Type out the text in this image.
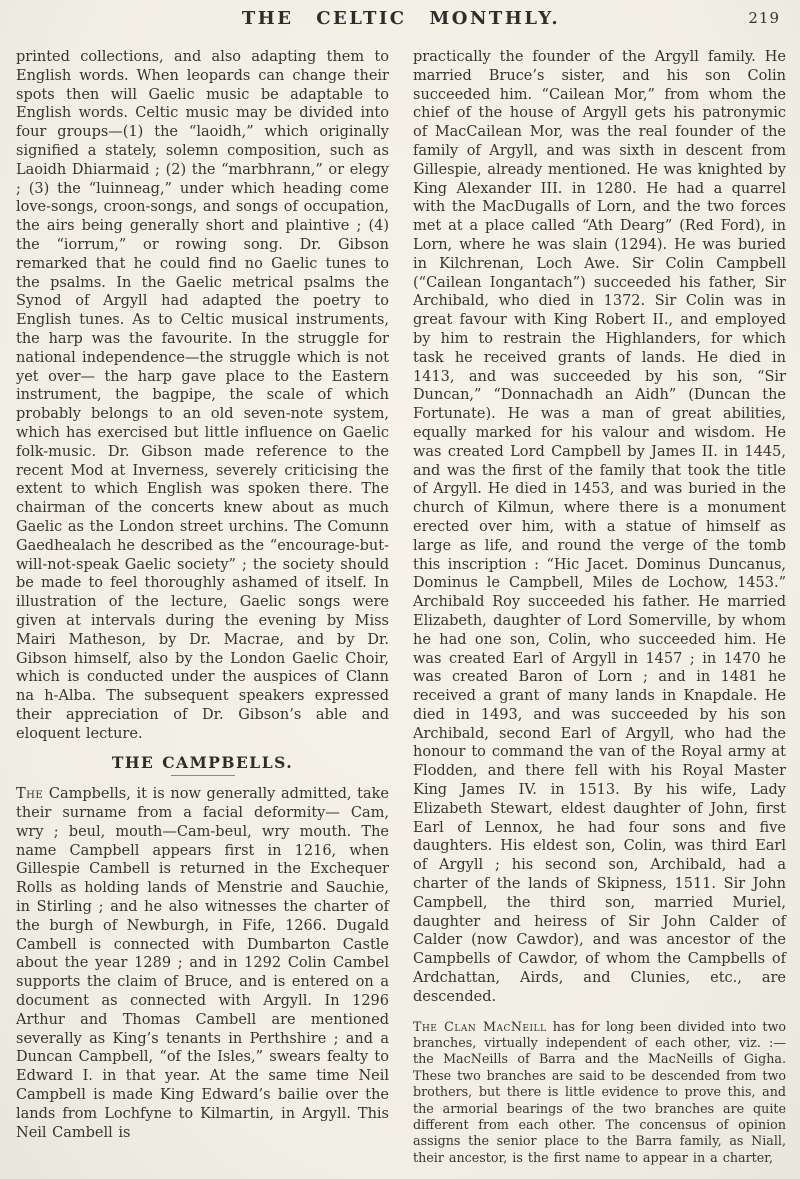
THE CELTIC MONTHLY.	219

printed collections, and also adapting them to English words. When leopards can change their spots then will Gaelic music be adaptable to English words. Celtic music may be divided into four groups—(1) the “laoidh,” which originally signified a stately, solemn composition, such as Laoidh Dhiarmaid ; (2) the “marbhrann,” or elegy ; (3) the “luinneag,” under which heading come love-songs, croon-songs, and songs of occupation, the airs being generally short and plaintive ; (4) the “iorrum,” or rowing song. Dr. Gibson remarked that he could find no Gaelic tunes to the psalms. In the Gaelic metrical psalms the Synod of Argyll had adapted the poetry to English tunes. As to Celtic musical instruments, the harp was the favourite. In the struggle for national independence—the struggle which is not yet over— the harp gave place to the Eastern instrument, the bagpipe, the scale of which probably belongs to an old seven-note system, which has exercised but little influence on Gaelic folk-music. Dr. Gibson made reference to the recent Mod at Inverness, severely criticising the extent to which English was spoken there. The chairman of the concerts knew about as much Gaelic as the London street urchins. The Comunn Gaedhealach he described as the “encourage-but-will-not-speak Gaelic society” ; the society should be made to feel thoroughly ashamed of itself. In illustration of the lecture, Gaelic songs were given at intervals during the evening by Miss Mairi Matheson, by Dr. Macrae, and by Dr. Gibson himself, also by the London Gaelic Choir, which is conducted under the auspices of Clann na h-Alba. The subsequent speakers expressed their appreciation of Dr. Gibson’s able and eloquent lecture.

THE CAMPBELLS.

The Campbells, it is now generally admitted, take their surname from a facial deformity— Cam, wry ; beul, mouth—Cam-beul, wry mouth. The name Campbell appears first in 1216, when Gillespie Cambell is returned in the Exchequer Rolls as holding lands of Menstrie and Sauchie, in Stirling ; and he also witnesses the charter of the burgh of Newburgh, in Fife, 1266. Dugald Cambell is connected with Dumbarton Castle about the year 1289 ; and in 1292 Colin Cambel supports the claim of Bruce, and is entered on a document as connected with Argyll. In 1296 Arthur and Thomas Cambell are mentioned severally as King’s tenants in Perthshire ; and a Duncan Campbell, “of the Isles,” swears fealty to Edward I. in that year. At the same time Neil Campbell is made King Edward’s bailie over the lands from Lochfyne to Kilmartin, in Argyll. This Neil Cambell is

practically the founder of the Argyll family. He married Bruce’s sister, and his son Colin succeeded him. “Cailean Mor,” from whom the chief of the house of Argyll gets his patronymic of MacCailean Mor, was the real founder of the family of Argyll, and was sixth in descent from Gillespie, already mentioned. He was knighted by King Alexander III. in 1280. He had a quarrel with the MacDugalls of Lorn, and the two forces met at a place called “Ath Dearg” (Red Ford), in Lorn, where he was slain (1294). He was buried in Kilchrenan, Loch Awe. Sir Colin Campbell (“Cailean Iongantach”) succeeded his father, Sir Archibald, who died in 1372. Sir Colin was in great favour with King Robert II., and employed by him to restrain the Highlanders, for which task he received grants of lands. He died in 1413, and was succeeded by his son, “Sir Duncan,” “Donnachadh an Aidh” (Duncan the Fortunate). He was a man of great abilities, equally marked for his valour and wisdom. He was created Lord Campbell by James II. in 1445, and was the first of the family that took the title of Argyll. He died in 1453, and was buried in the church of Kilmun, where there is a monument erected over him, with a statue of himself as large as life, and round the verge of the tomb this inscription : “Hic Jacet. Dominus Duncanus, Dominus le Campbell, Miles de Lochow, 1453.” Archibald Roy succeeded his father. He married Elizabeth, daughter of Lord Somerville, by whom he had one son, Colin, who succeeded him. He was created Earl of Argyll in 1457 ; in 1470 he was created Baron of Lorn ; and in 1481 he received a grant of many lands in Knapdale. He died in 1493, and was succeeded by his son Archibald, second Earl of Argyll, who had the honour to command the van of the Royal army at Flodden, and there fell with his Royal Master King James IV. in 1513. By his wife, Lady Elizabeth Stewart, eldest daughter of John, first Earl of Lennox, he had four sons and five daughters. His eldest son, Colin, was third Earl of Argyll ; his second son, Archibald, had a charter of the lands of Skipness, 1511. Sir John Campbell, the third son, married Muriel, daughter and heiress of Sir John Calder of Calder (now Cawdor), and was ancestor of the Campbells of Cawdor, of whom the Campbells of Ardchattan, Airds, and Clunies, etc., are descended.

The Clan MacNeill has for long been divided into two branches, virtually independent of each other, viz. :— the MacNeills of Barra and the MacNeills of Gigha. These two branches are said to be descended from two brothers, but there is little evidence to prove this, and the armorial bearings of the two branches are quite different from each other. The concensus of opinion assigns the senior place to the Barra family, as Niall, their ancestor, is the first name to appear in a charter,
